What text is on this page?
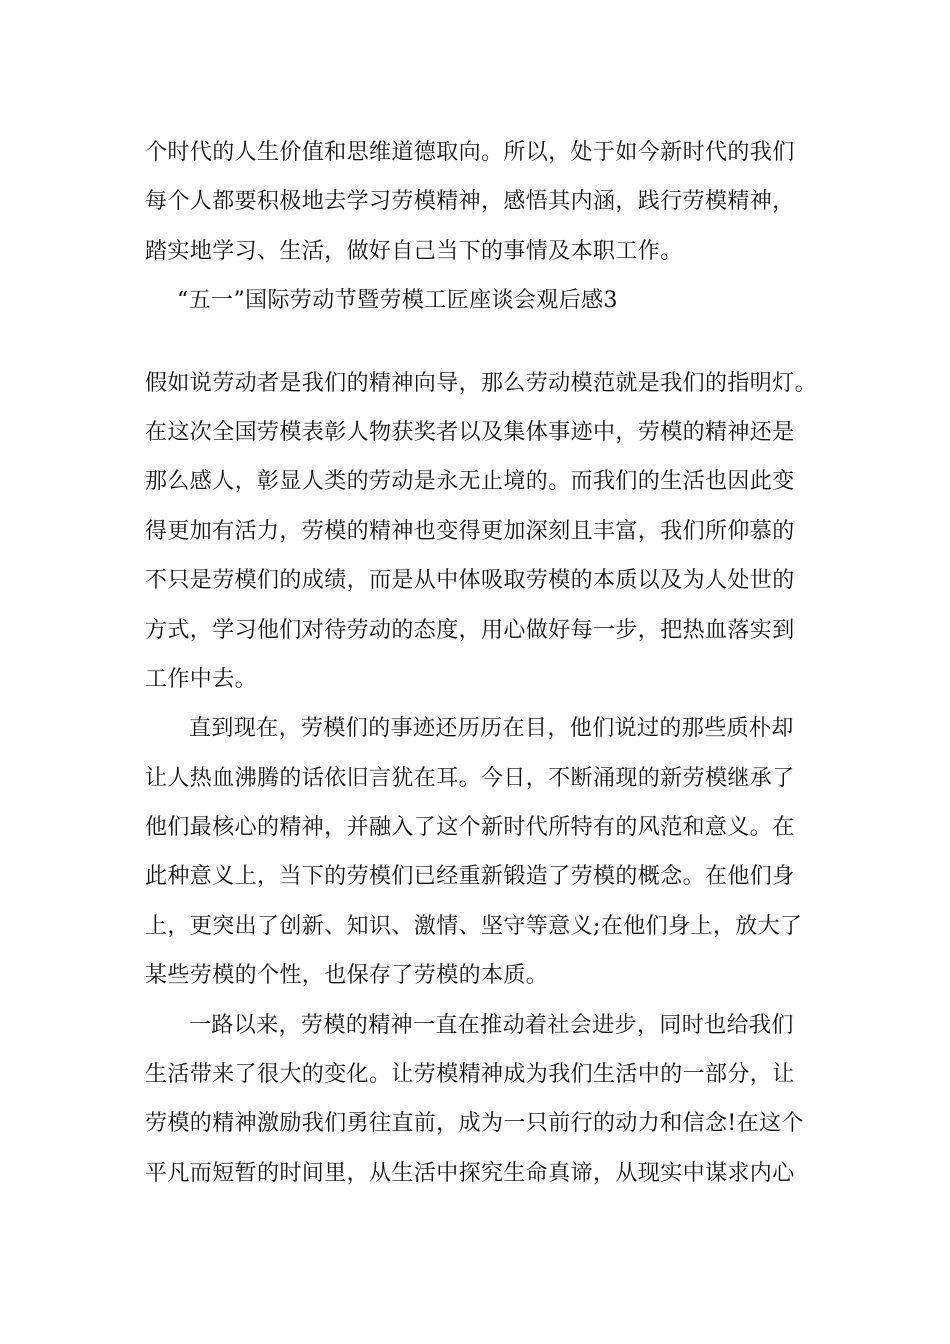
个时代的人生价值和思维道德取向。所以，处于如今新时代的我们
每个人都要积极地去学习劳模精神，感悟其内涵，践行劳模精神，
踏实地学习、生活，做好自己当下的事情及本职工作。
“五一”国际劳动节暨劳模工匠座谈会观后感3
假如说劳动者是我们的精神向导，那么劳动模范就是我们的指明灯。
在这次全国劳模表彰人物获奖者以及集体事迹中，劳模的精神还是
那么感人，彰显人类的劳动是永无止境的。而我们的生活也因此变
得更加有活力，劳模的精神也变得更加深刻且丰富，我们所仰慕的
不只是劳模们的成绩，而是从中体吸取劳模的本质以及为人处世的
方式，学习他们对待劳动的态度，用心做好每一步，把热血落实到
工作中去。
直到现在，劳模们的事迹还历历在目，他们说过的那些质朴却
让人热血沸腾的话依旧言犹在耳。今日，不断涌现的新劳模继承了
他们最核心的精神，并融入了这个新时代所特有的风范和意义。在
此种意义上，当下的劳模们已经重新锻造了劳模的概念。在他们身
上，更突出了创新、知识、激情、坚守等意义;在他们身上，放大了
某些劳模的个性，也保存了劳模的本质。
一路以来，劳模的精神一直在推动着社会进步，同时也给我们
生活带来了很大的变化。让劳模精神成为我们生活中的一部分，让
劳模的精神激励我们勇往直前，成为一只前行的动力和信念!在这个
平凡而短暂的时间里，从生活中探究生命真谛，从现实中谋求内心
